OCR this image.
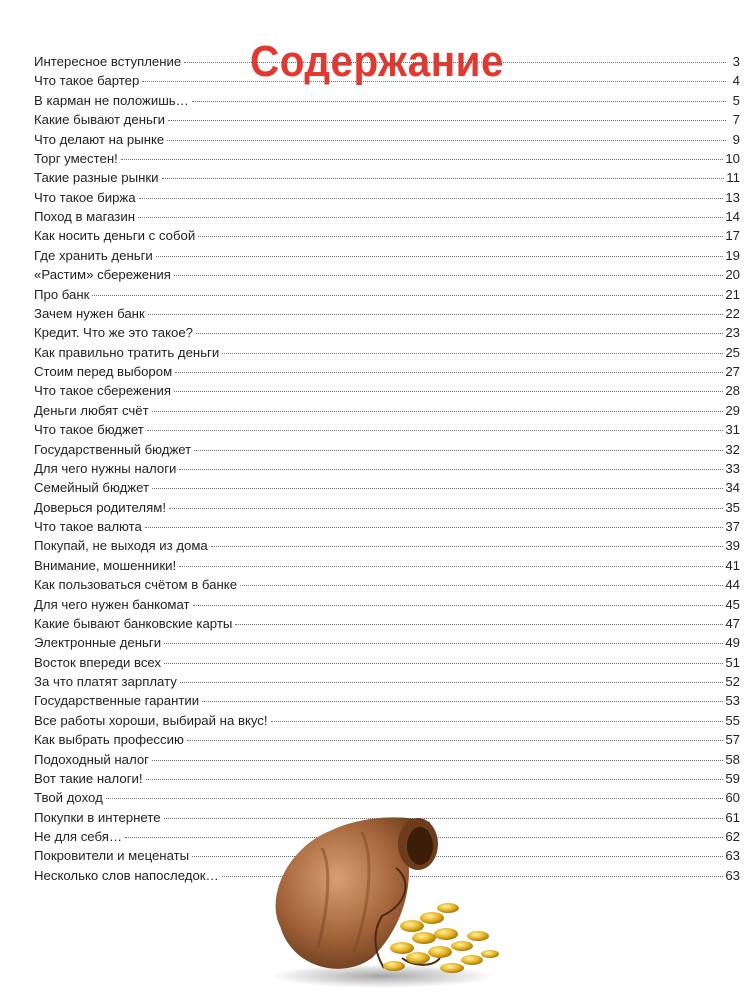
Содержание
Интересное вступление	3
Что такое бартер	4
В карман не положишь…	5
Какие бывают деньги	7
Что делают на рынке	9
Торг уместен!	10
Такие разные рынки	11
Что такое биржа	13
Поход в магазин	14
Как носить деньги с собой	17
Где хранить деньги	19
«Растим» сбережения	20
Про банк	21
Зачем нужен банк	22
Кредит. Что же это такое?	23
Как правильно тратить деньги	25
Стоим перед выбором	27
Что такое сбережения	28
Деньги любят счёт	29
Что такое бюджет	31
Государственный бюджет	32
Для чего нужны налоги	33
Семейный бюджет	34
Доверься родителям!	35
Что такое валюта	37
Покупай, не выходя из дома	39
Внимание, мошенники!	41
Как пользоваться счётом в банке	44
Для чего нужен банкомат	45
Какие бывают банковские карты	47
Электронные деньги	49
Восток впереди всех	51
За что платят зарплату	52
Государственные гарантии	53
Все работы хороши, выбирай на вкус!	55
Как выбрать профессию	57
Подоходный налог	58
Вот такие налоги!	59
Твой доход	60
Покупки в интернете	61
Не для себя…	62
Покровители и меценаты	63
Несколько слов напоследок…	63
